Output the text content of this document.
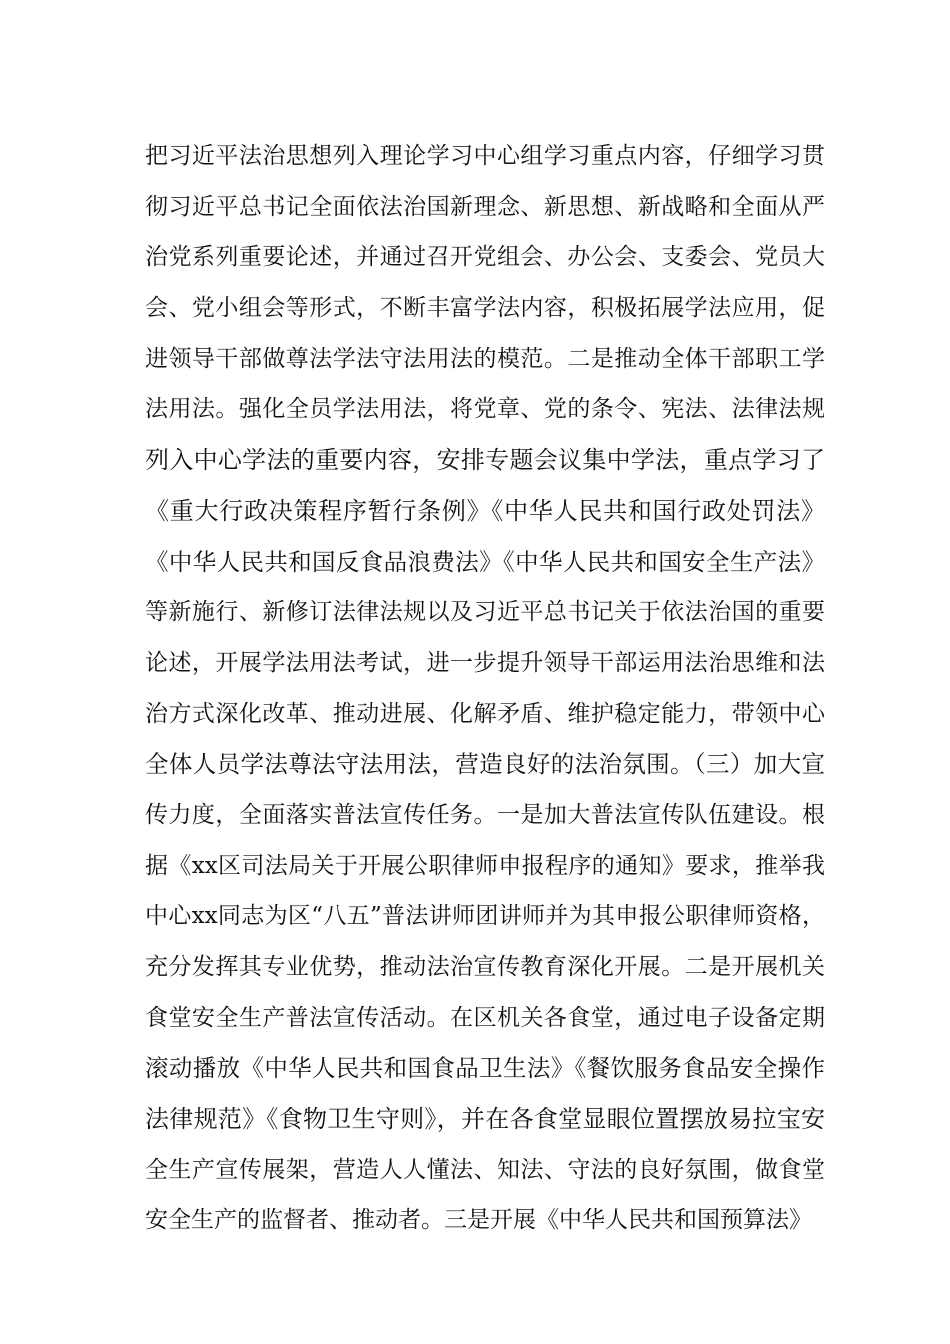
把习近平法治思想列入理论学习中心组学习重点内容，仔细学习贯
彻习近平总书记全面依法治国新理念、新思想、新战略和全面从严
治党系列重要论述，并通过召开党组会、办公会、支委会、党员大
会、党小组会等形式，不断丰富学法内容，积极拓展学法应用，促
进领导干部做尊法学法守法用法的模范。二是推动全体干部职工学
法用法。强化全员学法用法，将党章、党的条令、宪法、法律法规
列入中心学法的重要内容，安排专题会议集中学法，重点学习了
《重大行政决策程序暂行条例》《中华人民共和国行政处罚法》
《中华人民共和国反食品浪费法》《中华人民共和国安全生产法》
等新施行、新修订法律法规以及习近平总书记关于依法治国的重要
论述，开展学法用法考试，进一步提升领导干部运用法治思维和法
治方式深化改革、推动进展、化解矛盾、维护稳定能力，带领中心
全体人员学法尊法守法用法，营造良好的法治氛围。（三）加大宣
传力度，全面落实普法宣传任务。一是加大普法宣传队伍建设。根
据《xx区司法局关于开展公职律师申报程序的通知》要求，推举我
中心xx同志为区“八五”普法讲师团讲师并为其申报公职律师资格，
充分发挥其专业优势，推动法治宣传教育深化开展。二是开展机关
食堂安全生产普法宣传活动。在区机关各食堂，通过电子设备定期
滚动播放《中华人民共和国食品卫生法》《餐饮服务食品安全操作
法律规范》《食物卫生守则》，并在各食堂显眼位置摆放易拉宝安
全生产宣传展架，营造人人懂法、知法、守法的良好氛围，做食堂
安全生产的监督者、推动者。三是开展《中华人民共和国预算法》
